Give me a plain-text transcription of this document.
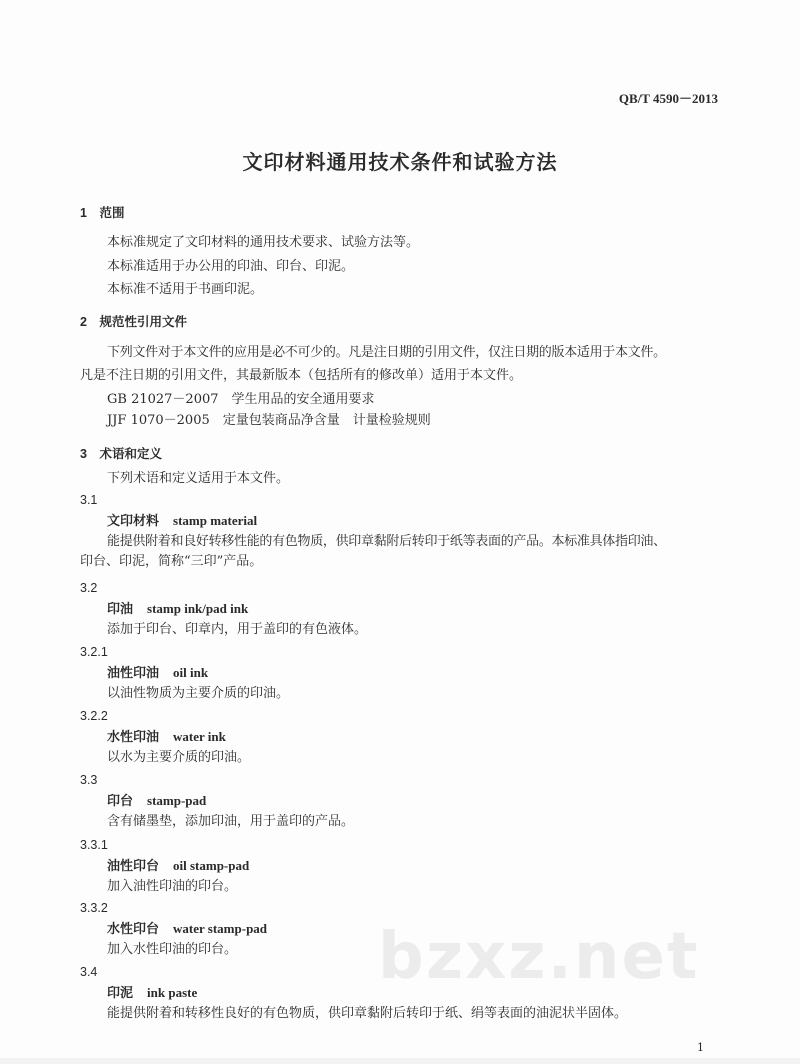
QB/T 4590－2013
文印材料通用技术条件和试验方法
1　范围
本标准规定了文印材料的通用技术要求、试验方法等。
本标准适用于办公用的印油、印台、印泥。
本标准不适用于书画印泥。
2　规范性引用文件
下列文件对于本文件的应用是必不可少的。凡是注日期的引用文件，仅注日期的版本适用于本文件。
凡是不注日期的引用文件，其最新版本（包括所有的修改单）适用于本文件。
GB 21027－2007　学生用品的安全通用要求
JJF 1070－2005　定量包装商品净含量　计量检验规则
3　术语和定义
下列术语和定义适用于本文件。
3.1
文印材料 stamp material
能提供附着和良好转移性能的有色物质，供印章黏附后转印于纸等表面的产品。本标准具体指印油、
印台、印泥，简称“三印”产品。
3.2
印油 stamp ink/pad ink
添加于印台、印章内，用于盖印的有色液体。
3.2.1
油性印油 oil ink
以油性物质为主要介质的印油。
3.2.2
水性印油 water ink
以水为主要介质的印油。
3.3
印台 stamp-pad
含有储墨垫，添加印油，用于盖印的产品。
3.3.1
油性印台 oil stamp-pad
加入油性印油的印台。
3.3.2
水性印台 water stamp-pad
加入水性印油的印台。
3.4
印泥 ink paste
能提供附着和转移性良好的有色物质，供印章黏附后转印于纸、绢等表面的油泥状半固体。
bzxz.net
1
